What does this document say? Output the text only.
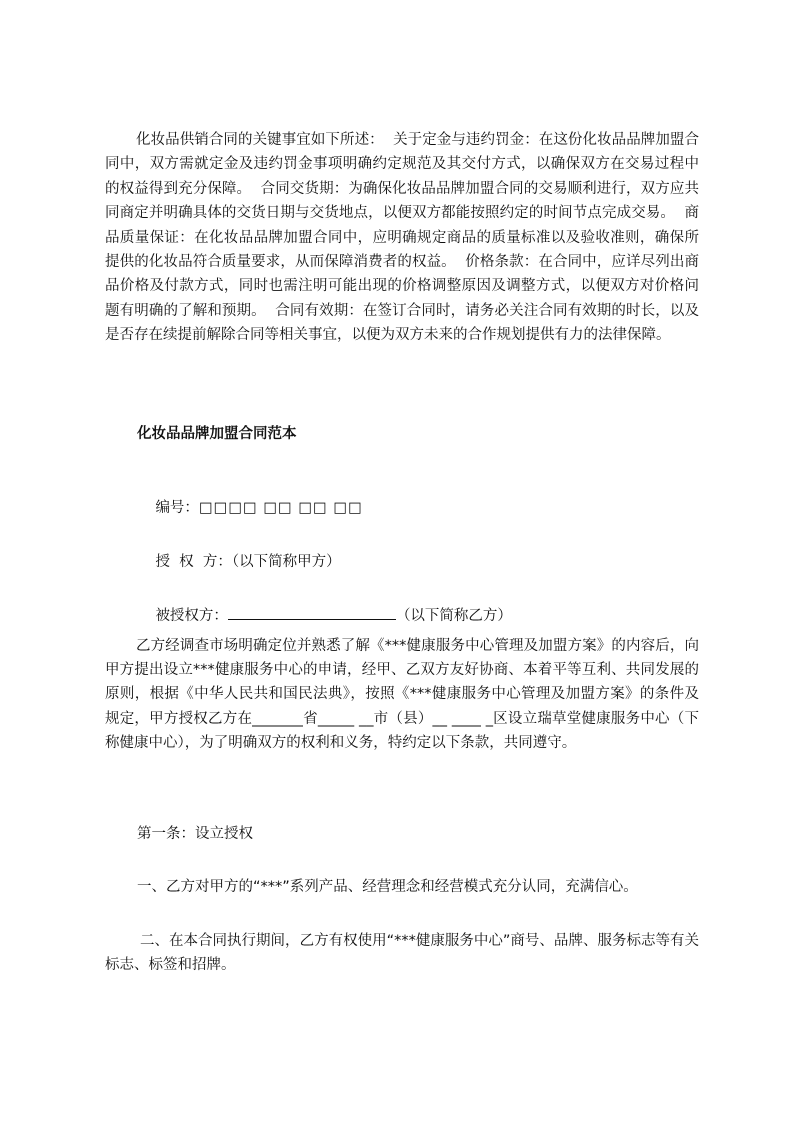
化妆品供销合同的关键事宜如下所述：  关于定金与违约罚金：在这份化妆品品牌加盟合同中，双方需就定金及违约罚金事项明确约定规范及其交付方式，以确保双方在交易过程中的权益得到充分保障。  合同交货期：为确保化妆品品牌加盟合同的交易顺利进行，双方应共同商定并明确具体的交货日期与交货地点，以便双方都能按照约定的时间节点完成交易。  商品质量保证：在化妆品品牌加盟合同中，应明确规定商品的质量标准以及验收准则，确保所提供的化妆品符合质量要求，从而保障消费者的权益。  价格条款：在合同中，应详尽列出商品价格及付款方式，同时也需注明可能出现的价格调整原因及调整方式，以便双方对价格问题有明确的了解和预期。  合同有效期：在签订合同时，请务必关注合同有效期的时长，以及是否存在续提前解除合同等相关事宜，以便为双方未来的合作规划提供有力的法律保障。
化妆品品牌加盟合同范本

编号：□□□□ □□ □□ □□

授  权  方：（以下简称甲方）

被授权方：	（以下简称乙方）

乙方经调查市场明确定位并熟悉了解《***健康服务中心管理及加盟方案》的内容后，向甲方提出设立***健康服务中心的申请，经甲、乙双方友好协商、本着平等互利、共同发展的原则，根据《中华人民共和国民法典》，按照《***健康服务中心管理及加盟方案》的条件及规定，甲方授权乙方在_______省_____ __市（县）__ ____ _区设立瑞草堂健康服务中心（下称健康中心），为了明确双方的权利和义务，特约定以下条款，共同遵守。
第一条：设立授权
一、乙方对甲方的“***”系列产品、经营理念和经营模式充分认同，充满信心。
二、在本合同执行期间，乙方有权使用“***健康服务中心”商号、品牌、服务标志等有关标志、标签和招牌。
